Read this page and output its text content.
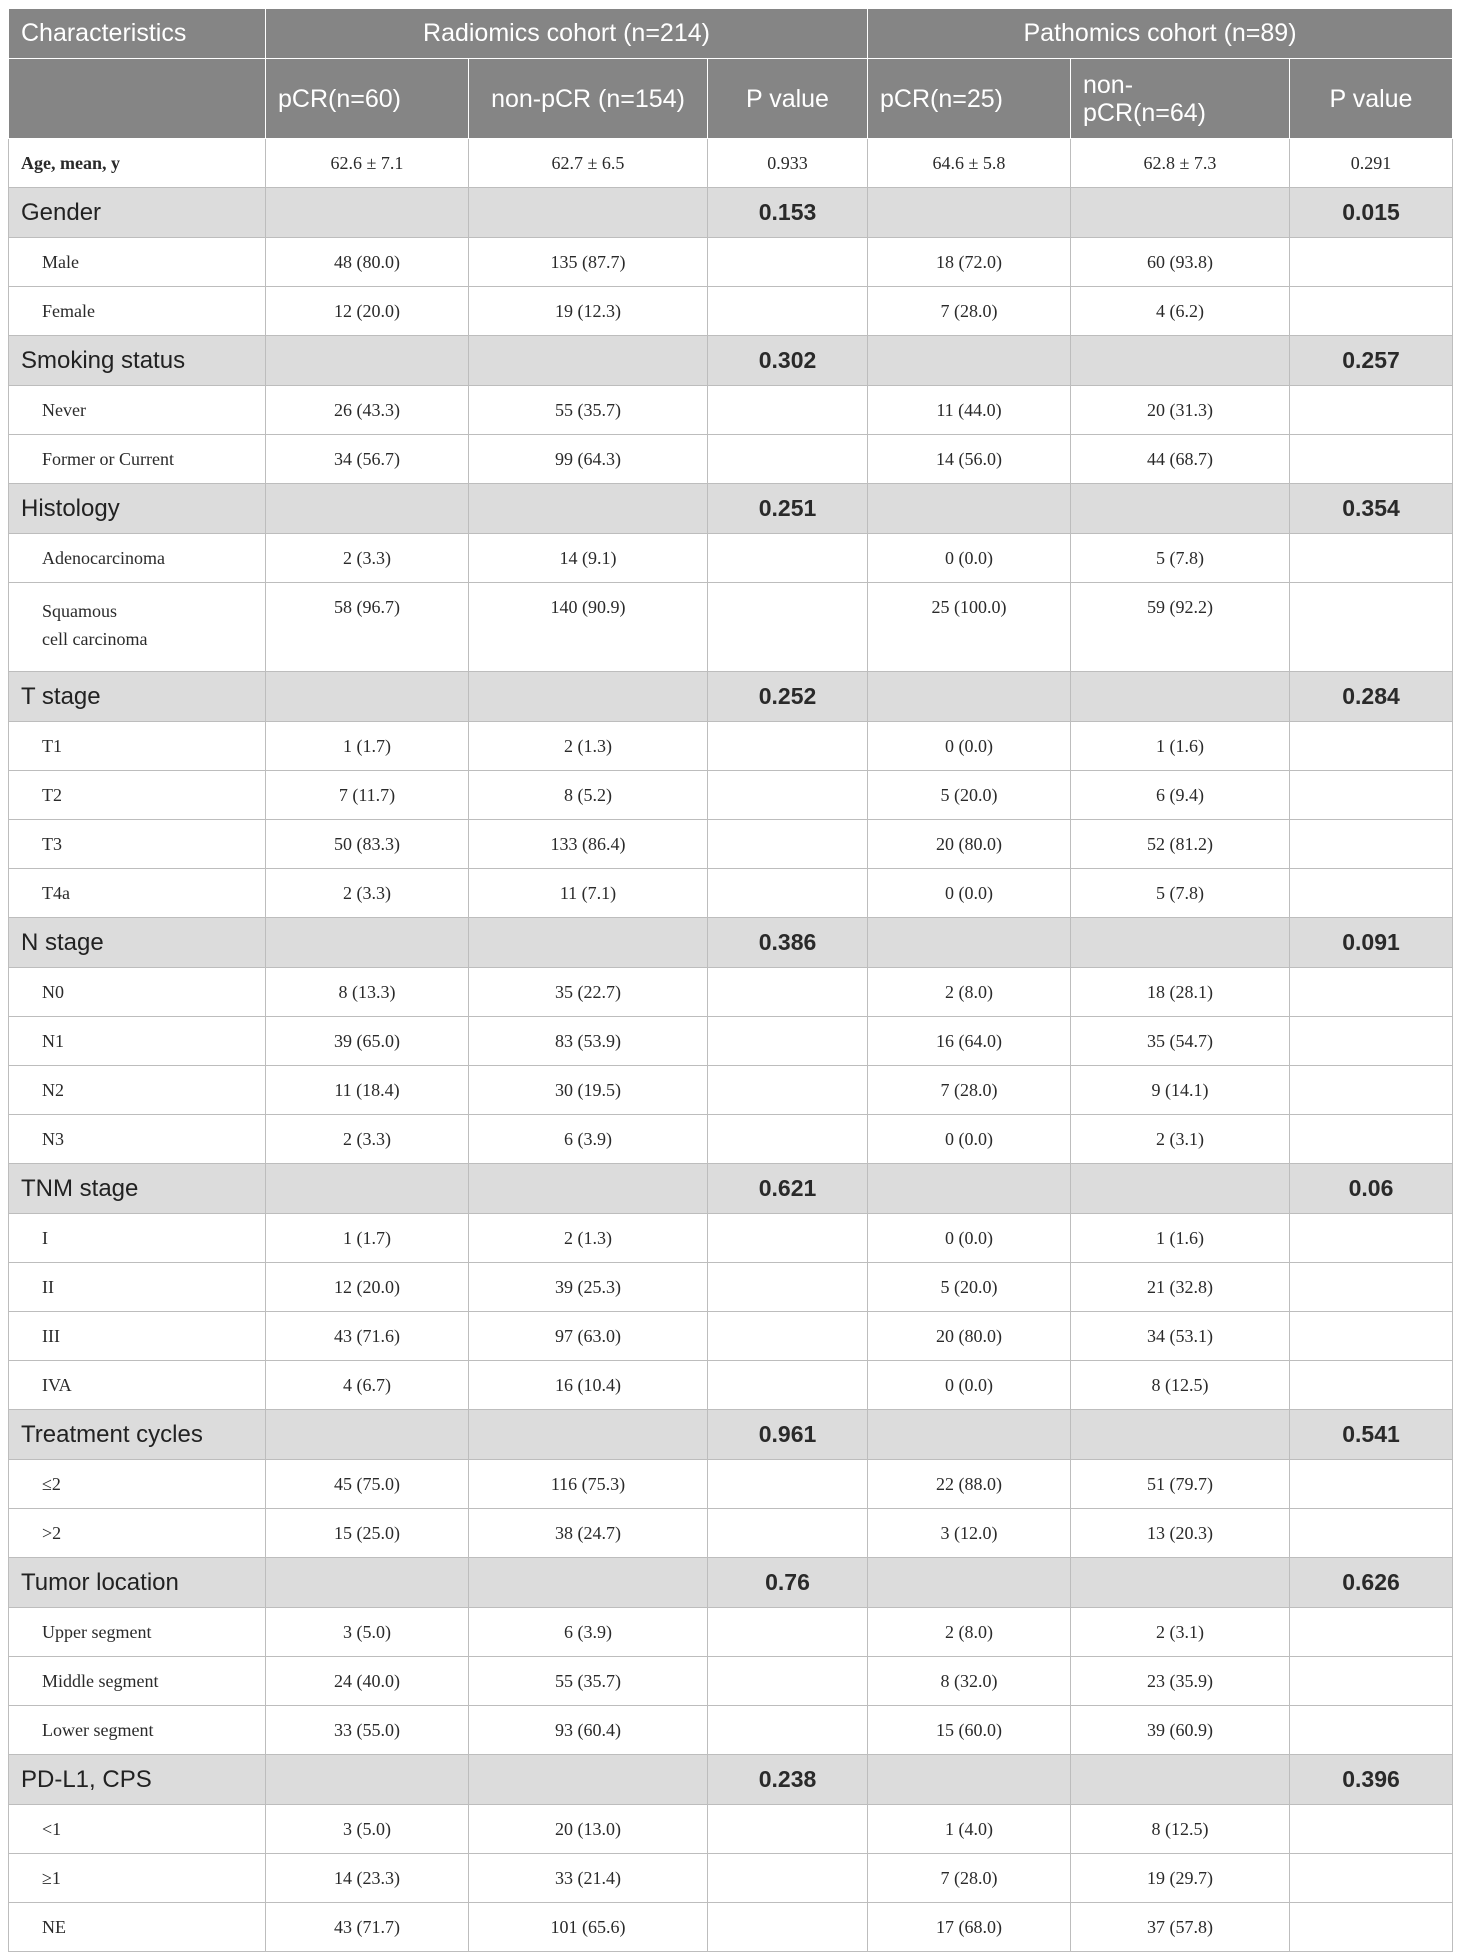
Characteristics	Radiomics cohort (n=214)			Pathomics cohort (n=89)		
	pCR(n=60)	non-pCR (n=154)	P value	pCR(n=25)	non-pCR(n=64)	P value
Age, mean, y	62.6 ± 7.1	62.7 ± 6.5	0.933	64.6 ± 5.8	62.8 ± 7.3	0.291
Gender			0.153			0.015
Male	48 (80.0)	135 (87.7)		18 (72.0)	60 (93.8)	
Female	12 (20.0)	19 (12.3)		7 (28.0)	4 (6.2)	
Smoking status			0.302			0.257
Never	26 (43.3)	55 (35.7)		11 (44.0)	20 (31.3)	
Former or Current	34 (56.7)	99 (64.3)		14 (56.0)	44 (68.7)	
Histology			0.251			0.354
Adenocarcinoma	2 (3.3)	14 (9.1)		0 (0.0)	5 (7.8)	
Squamous
cell carcinoma	58 (96.7)	140 (90.9)		25 (100.0)	59 (92.2)	
T stage			0.252			0.284
T1	1 (1.7)	2 (1.3)		0 (0.0)	1 (1.6)	
T2	7 (11.7)	8 (5.2)		5 (20.0)	6 (9.4)	
T3	50 (83.3)	133 (86.4)		20 (80.0)	52 (81.2)	
T4a	2 (3.3)	11 (7.1)		0 (0.0)	5 (7.8)	
N stage			0.386			0.091
N0	8 (13.3)	35 (22.7)		2 (8.0)	18 (28.1)	
N1	39 (65.0)	83 (53.9)		16 (64.0)	35 (54.7)	
N2	11 (18.4)	30 (19.5)		7 (28.0)	9 (14.1)	
N3	2 (3.3)	6 (3.9)		0 (0.0)	2 (3.1)	
TNM stage			0.621			0.06
I	1 (1.7)	2 (1.3)		0 (0.0)	1 (1.6)	
II	12 (20.0)	39 (25.3)		5 (20.0)	21 (32.8)	
III	43 (71.6)	97 (63.0)		20 (80.0)	34 (53.1)	
IVA	4 (6.7)	16 (10.4)		0 (0.0)	8 (12.5)	
Treatment cycles			0.961			0.541
≤2	45 (75.0)	116 (75.3)		22 (88.0)	51 (79.7)	
>2	15 (25.0)	38 (24.7)		3 (12.0)	13 (20.3)	
Tumor location			0.76			0.626
Upper segment	3 (5.0)	6 (3.9)		2 (8.0)	2 (3.1)	
Middle segment	24 (40.0)	55 (35.7)		8 (32.0)	23 (35.9)	
Lower segment	33 (55.0)	93 (60.4)		15 (60.0)	39 (60.9)	
PD-L1, CPS			0.238			0.396
<1	3 (5.0)	20 (13.0)		1 (4.0)	8 (12.5)	
≥1	14 (23.3)	33 (21.4)		7 (28.0)	19 (29.7)	
NE	43 (71.7)	101 (65.6)		17 (68.0)	37 (57.8)	
